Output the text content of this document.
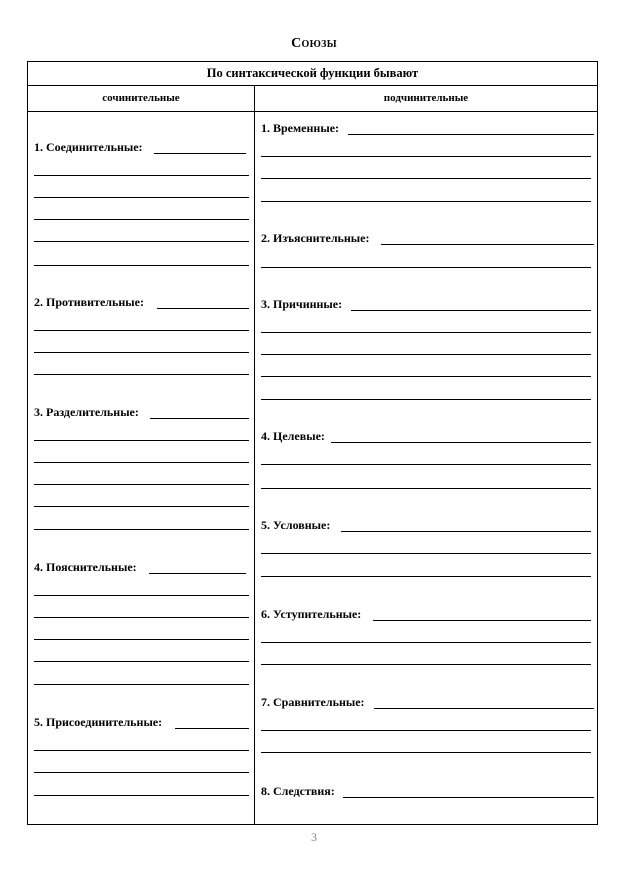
Союзы
По синтаксической функции бывают
сочинительные	подчинительные
1. Соединительные:
2. Противительные:
3. Разделительные:
4. Пояснительные:
5. Присоединительные:
1. Временные:
2. Изъяснительные:
3. Причинные:
4. Целевые:
5. Условные:
6. Уступительные:
7. Сравнительные:
8. Следствия:
3
